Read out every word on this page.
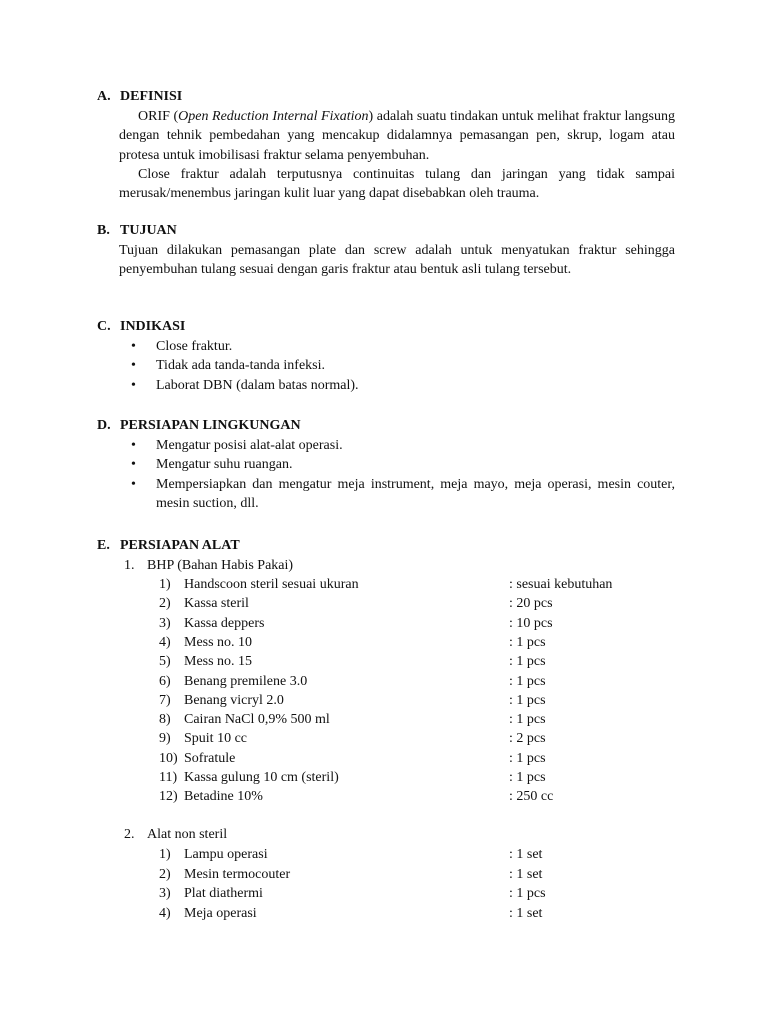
A. DEFINISI
ORIF (Open Reduction Internal Fixation) adalah suatu tindakan untuk melihat fraktur langsung dengan tehnik pembedahan yang mencakup didalamnya pemasangan pen, skrup, logam atau protesa untuk imobilisasi fraktur selama penyembuhan.
Close fraktur adalah terputusnya continuitas tulang dan jaringan yang tidak sampai merusak/menembus jaringan kulit luar yang dapat disebabkan oleh trauma.
B. TUJUAN
Tujuan dilakukan pemasangan plate dan screw adalah untuk menyatukan fraktur sehingga penyembuhan tulang sesuai dengan garis fraktur atau bentuk asli tulang tersebut.
C. INDIKASI
• Close fraktur.
• Tidak ada tanda-tanda infeksi.
• Laborat DBN (dalam batas normal).
D. PERSIAPAN LINGKUNGAN
• Mengatur posisi alat-alat operasi.
• Mengatur suhu ruangan.
• Mempersiapkan dan mengatur meja instrument, meja mayo, meja operasi, mesin couter, mesin suction, dll.
E. PERSIAPAN ALAT
1. BHP (Bahan Habis Pakai)
1) Handscoon steril sesuai ukuran	: sesuai kebutuhan
2) Kassa steril	: 20 pcs
3) Kassa deppers	: 10 pcs
4) Mess no. 10	: 1 pcs
5) Mess no. 15	: 1 pcs
6) Benang premilene 3.0	: 1 pcs
7) Benang vicryl 2.0	: 1 pcs
8) Cairan NaCl 0,9% 500 ml	: 1 pcs
9) Spuit 10 cc	: 2 pcs
10) Sofratule	: 1 pcs
11) Kassa gulung 10 cm (steril)	: 1 pcs
12) Betadine 10%	: 250 cc
2. Alat non steril
1) Lampu operasi	: 1 set
2) Mesin termocouter	: 1 set
3) Plat diathermi	: 1 pcs
4) Meja operasi	: 1 set
